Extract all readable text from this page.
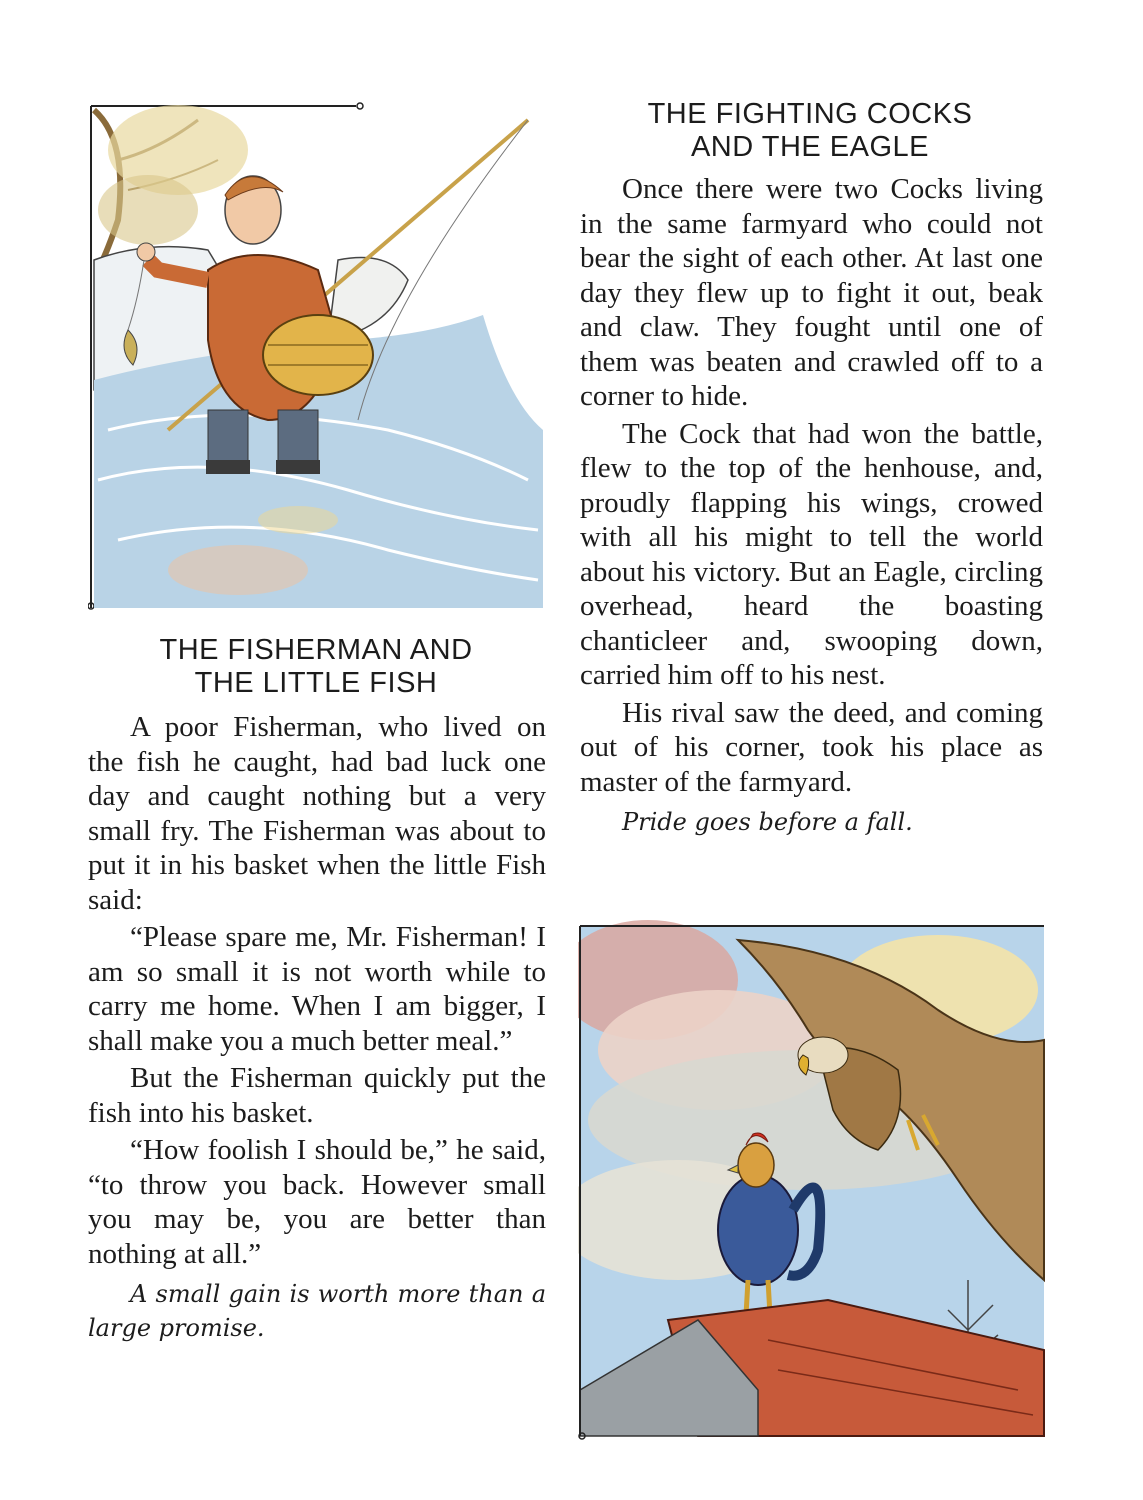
THE FISHERMAN AND
THE LITTLE FISH

A poor Fisherman, who lived on the fish he caught, had bad luck one day and caught nothing but a very small fry. The Fisherman was about to put it in his basket when the little Fish said:

“Please spare me, Mr. Fisherman! I am so small it is not worth while to carry me home. When I am bigger, I shall make you a much better meal.”

But the Fisherman quickly put the fish into his basket.

“How foolish I should be,” he said, “to throw you back. However small you may be, you are better than nothing at all.”

A small gain is worth more than a large promise.

THE FIGHTING COCKS
AND THE EAGLE

Once there were two Cocks living in the same farmyard who could not bear the sight of each other. At last one day they flew up to fight it out, beak and claw. They fought until one of them was beaten and crawled off to a corner to hide.

The Cock that had won the battle, flew to the top of the henhouse, and, proudly flapping his wings, crowed with all his might to tell the world about his victory. But an Eagle, circling overhead, heard the boasting chanticleer and, swooping down, carried him off to his nest.

His rival saw the deed, and coming out of his corner, took his place as master of the farmyard.

Pride goes before a fall.
